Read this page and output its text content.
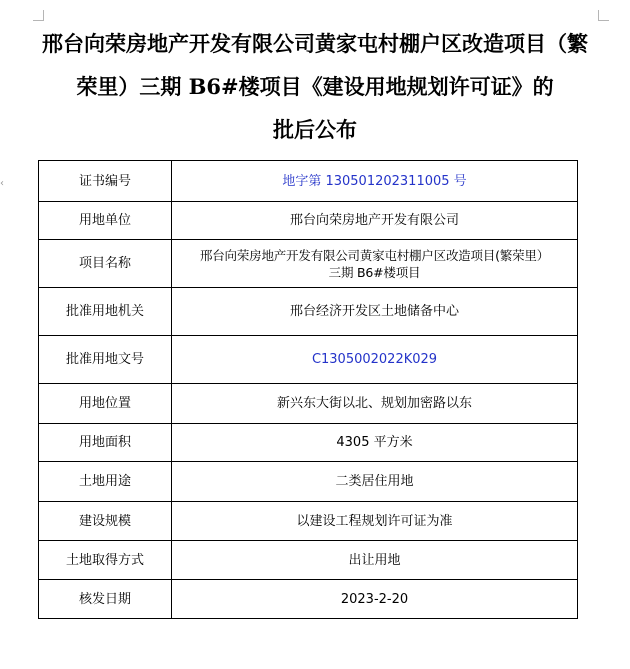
‹
邢台向荣房地产开发有限公司黄家屯村棚户区改造项目（繁
荣里）三期 B6#楼项目《建设用地规划许可证》的
批后公布
证书编号	地字第 130501202311005 号
用地单位	邢台向荣房地产开发有限公司
项目名称	邢台向荣房地产开发有限公司黄家屯村棚户区改造项目(繁荣里）
三期 B6#楼项目

批准用地机关	邢台经济开发区土地储备中心
批准用地文号	C1305002022K029
用地位置	新兴东大街以北、规划加密路以东
用地面积	4305 平方米
土地用途	二类居住用地
建设规模	以建设工程规划许可证为准
土地取得方式	出让用地
核发日期	2023-2-20
